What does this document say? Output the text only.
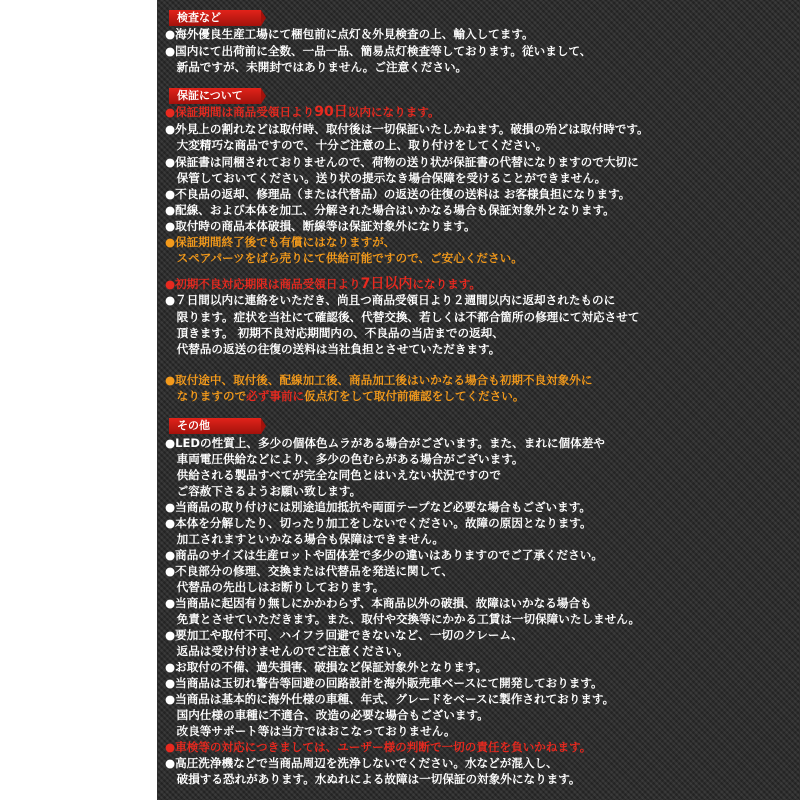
検査など
●海外優良生産工場にて梱包前に点灯＆外見検査の上、輸入してます。
●国内にて出荷前に全数、一品一品、簡易点灯検査等しております。従いまして、
　新品ですが、未開封ではありません。ご注意ください。
保証について
●保証期間は商品受領日より90日以内になります。
●外見上の割れなどは取付時、取付後は一切保証いたしかねます。破損の殆どは取付時です。
　大変精巧な商品ですので、十分ご注意の上、取り付けをしてください。
●保証書は同梱されておりませんので、荷物の送り状が保証書の代替になりますので大切に
　保管しておいてください。送り状の提示なき場合保障を受けることができません。
●不良品の返却、修理品（または代替品）の返送の往復の送料は お客様負担になります。
●配線、および本体を加工、分解された場合はいかなる場合も保証対象外となります。
●取付時の商品本体破損、断線等は保証対象外になります。
●保証期間終了後でも有償にはなりますが、
　スペアパーツをばら売りにて供給可能ですので、ご安心ください。
●初期不良対応期限は商品受領日より7日以内になります。
●７日間以内に連絡をいただき、尚且つ商品受領日より２週間以内に返却されたものに
　限ります。症状を当社にて確認後、代替交換、若しくは不都合箇所の修理にて対応させて
　頂きます。 初期不良対応期間内の、不良品の当店までの返却、
　代替品の返送の往復の送料は当社負担とさせていただきます。
●取付途中、取付後、配線加工後、商品加工後はいかなる場合も初期不良対象外に
　なりますので必ず事前に仮点灯をして取付前確認をしてください。
その他
●LEDの性質上、多少の個体色ムラがある場合がございます。また、まれに個体差や
　車両電圧供給などにより、多少の色むらがある場合がございます。
　供給される製品すべてが完全な同色とはいえない状況ですので
　ご容赦下さるようお願い致します。
●当商品の取り付けには別途追加抵抗や両面テープなど必要な場合もございます。
●本体を分解したり、切ったり加工をしないでください。故障の原因となります。
　加工されますといかなる場合も保障はできません。
●商品のサイズは生産ロットや固体差で多少の違いはありますのでご了承ください。
●不良部分の修理、交換または代替品を発送に関して、
　代替品の先出しはお断りしております。
●当商品に起因有り無しにかかわらず、本商品以外の破損、故障はいかなる場合も
　免責とさせていただきます。また、取付や交換等にかかる工賃は一切保障いたしません。
●要加工や取付不可、ハイフラ回避できないなど、一切のクレーム、
　返品は受け付けませんのでご注意ください。
●お取付の不備、過失損害、破損など保証対象外となります。
●当商品は玉切れ警告等回避の回路設計を海外販売車ベースにて開発しております。
●当商品は基本的に海外仕様の車種、年式、グレードをベースに製作されております。
　国内仕様の車種に不適合、改造の必要な場合もございます。
　改良等サポート等は当方ではおこなっておりません。
●車検等の対応につきましては、ユーザー様の判断で一切の責任を負いかねます。
●高圧洗浄機などで当商品周辺を洗浄しないでください。水などが混入し、
　破損する恐れがあります。水ぬれによる故障は一切保証の対象外になります。
